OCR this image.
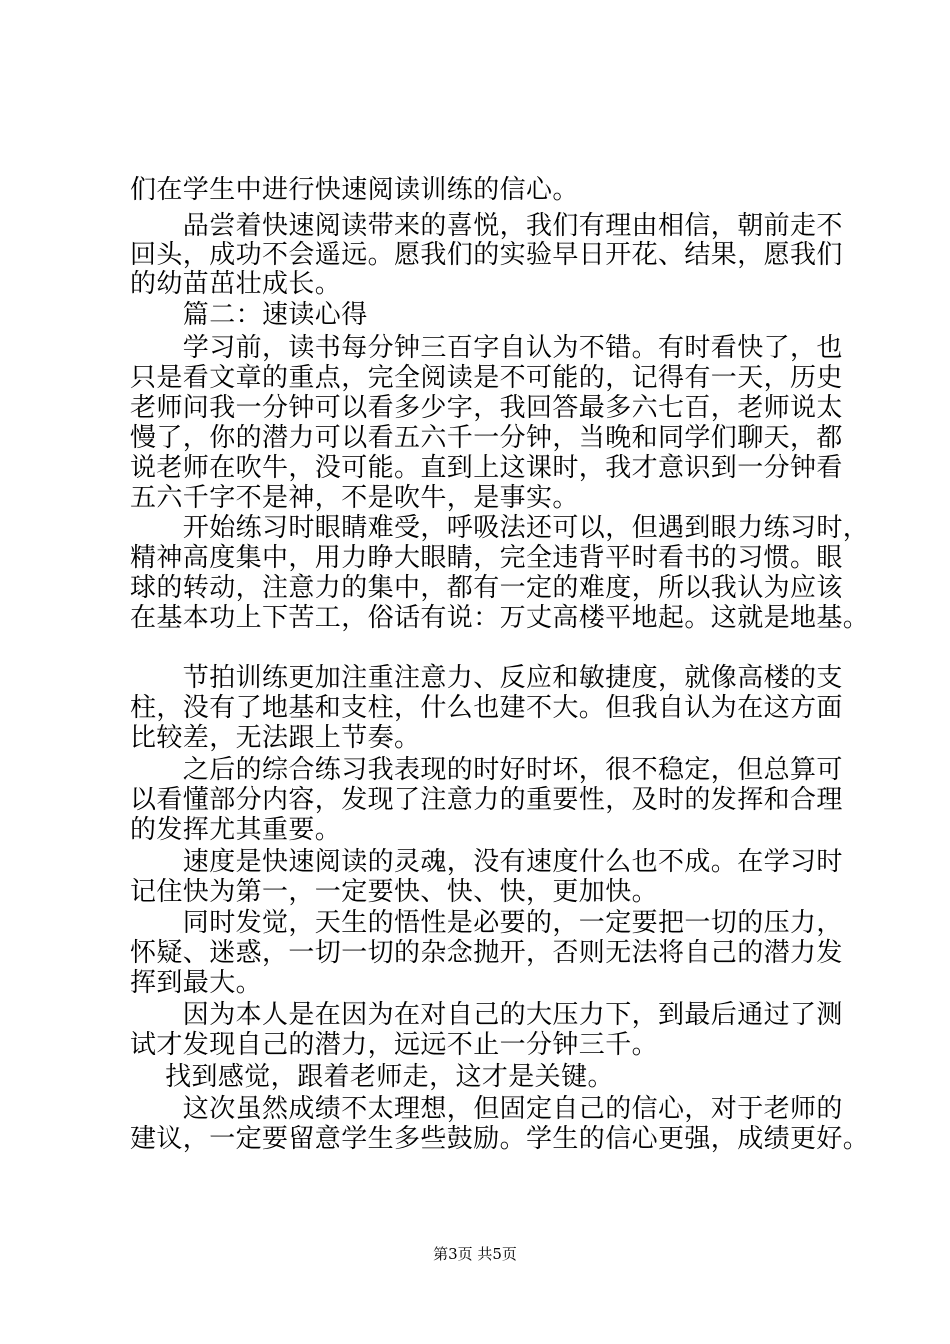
们在学生中进行快速阅读训练的信心。
　　品尝着快速阅读带来的喜悦，我们有理由相信，朝前走不
回头，成功不会遥远。愿我们的实验早日开花、结果，愿我们
的幼苗茁壮成长。
　　篇二：速读心得
　　学习前，读书每分钟三百字自认为不错。有时看快了，也
只是看文章的重点，完全阅读是不可能的，记得有一天，历史
老师问我一分钟可以看多少字，我回答最多六七百，老师说太
慢了，你的潜力可以看五六千一分钟，当晚和同学们聊天，都
说老师在吹牛，没可能。直到上这课时，我才意识到一分钟看
五六千字不是神，不是吹牛，是事实。
　　开始练习时眼睛难受，呼吸法还可以，但遇到眼力练习时，
精神高度集中，用力睁大眼睛，完全违背平时看书的习惯。眼
球的转动，注意力的集中，都有一定的难度，所以我认为应该
在基本功上下苦工，俗话有说：万丈高楼平地起。这就是地基。
　　节拍训练更加注重注意力、反应和敏捷度，就像高楼的支
柱，没有了地基和支柱，什么也建不大。但我自认为在这方面
比较差，无法跟上节奏。
　　之后的综合练习我表现的时好时坏，很不稳定，但总算可
以看懂部分内容，发现了注意力的重要性，及时的发挥和合理
的发挥尤其重要。
　　速度是快速阅读的灵魂，没有速度什么也不成。在学习时
记住快为第一，一定要快、快、快，更加快。
　　同时发觉，天生的悟性是必要的，一定要把一切的压力，
怀疑、迷惑，一切一切的杂念抛开，否则无法将自己的潜力发
挥到最大。
　　因为本人是在因为在对自己的大压力下，到最后通过了测
试才发现自己的潜力，远远不止一分钟三千。
　 找到感觉，跟着老师走，这才是关键。
　　这次虽然成绩不太理想，但固定自己的信心，对于老师的
建议，一定要留意学生多些鼓励。学生的信心更强，成绩更好。
第3页 共5页
